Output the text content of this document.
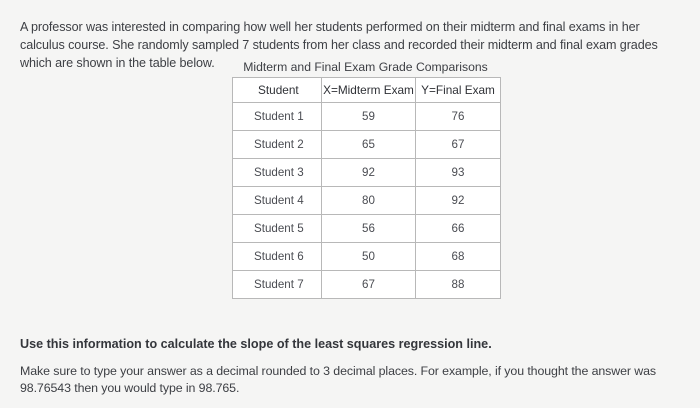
A professor was interested in comparing how well her students performed on their midterm and final exams in her calculus course. She randomly sampled 7 students from her class and recorded their midterm and final exam grades which are shown in the table below.	Midterm and Final Exam Grade Comparisons
Student	X=Midterm Exam	Y=Final Exam
Student 1	59	76
Student 2	65	67
Student 3	92	93
Student 4	80	92
Student 5	56	66
Student 6	50	68
Student 7	67	88
Use this information to calculate the slope of the least squares regression line.
Make sure to type your answer as a decimal rounded to 3 decimal places. For example, if you thought the answer was 98.76543 then you would type in 98.765.
